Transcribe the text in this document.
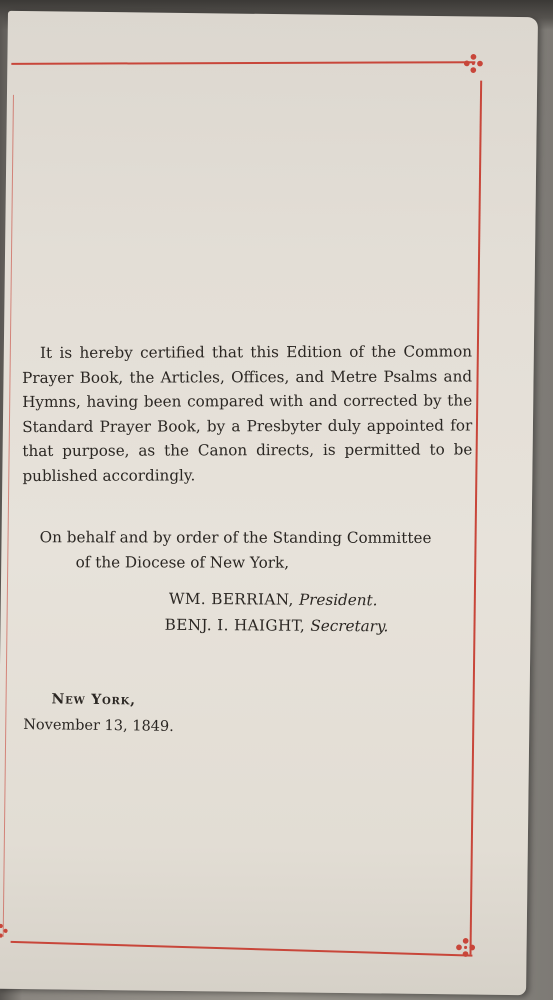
It is hereby certified that this Edition of the Common Prayer Book, the Articles, Offices, and Metre Psalms and Hymns, having been compared with and corrected by the Standard Prayer Book, by a Presbyter duly appointed for that purpose, as the Canon directs, is permitted to be published accordingly.
On behalf and by order of the Standing Committee
of the Diocese of New York,
WM. BERRIAN, President.
BENJ. I. HAIGHT, Secretary.
New York,
November 13, 1849.
